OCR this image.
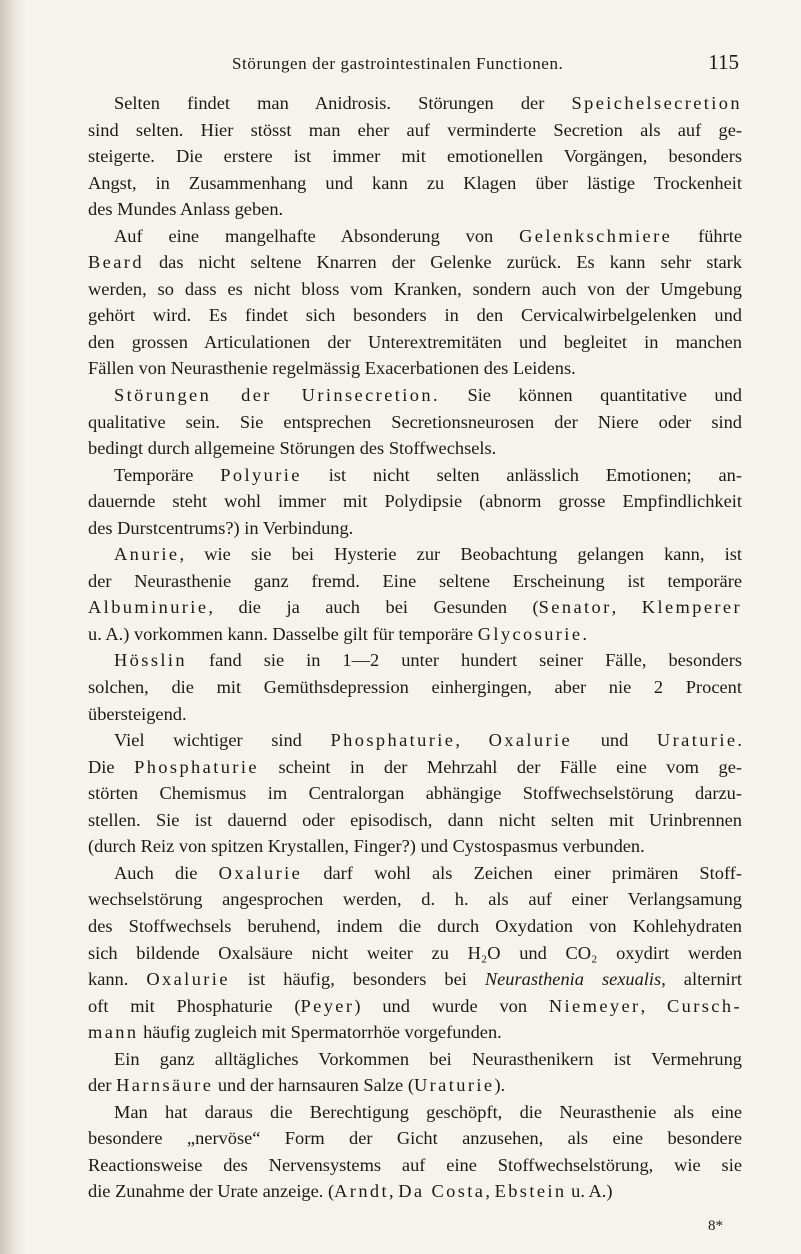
Störungen der gastrointestinalen Functionen.	115
Selten findet man Anidrosis. Störungen der Speichelsecretion
sind selten. Hier stösst man eher auf verminderte Secretion als auf ge-
steigerte. Die erstere ist immer mit emotionellen Vorgängen, besonders
Angst, in Zusammenhang und kann zu Klagen über lästige Trockenheit
des Mundes Anlass geben.
Auf eine mangelhafte Absonderung von Gelenkschmiere führte
Beard das nicht seltene Knarren der Gelenke zurück. Es kann sehr stark
werden, so dass es nicht bloss vom Kranken, sondern auch von der Umgebung
gehört wird. Es findet sich besonders in den Cervicalwirbelgelenken und
den grossen Articulationen der Unterextremitäten und begleitet in manchen
Fällen von Neurasthenie regelmässig Exacerbationen des Leidens.
Störungen der Urinsecretion. Sie können quantitative und
qualitative sein. Sie entsprechen Secretionsneurosen der Niere oder sind
bedingt durch allgemeine Störungen des Stoffwechsels.
Temporäre Polyurie ist nicht selten anlässlich Emotionen; an-
dauernde steht wohl immer mit Polydipsie (abnorm grosse Empfindlichkeit
des Durstcentrums?) in Verbindung.
Anurie, wie sie bei Hysterie zur Beobachtung gelangen kann, ist
der Neurasthenie ganz fremd. Eine seltene Erscheinung ist temporäre
Albuminurie, die ja auch bei Gesunden (Senator, Klemperer
u. A.) vorkommen kann. Dasselbe gilt für temporäre Glycosurie.
Hösslin fand sie in 1—2 unter hundert seiner Fälle, besonders
solchen, die mit Gemüthsdepression einhergingen, aber nie 2 Procent
übersteigend.
Viel wichtiger sind Phosphaturie, Oxalurie und Uraturie.
Die Phosphaturie scheint in der Mehrzahl der Fälle eine vom ge-
störten Chemismus im Centralorgan abhängige Stoffwechselstörung darzu-
stellen. Sie ist dauernd oder episodisch, dann nicht selten mit Urinbrennen
(durch Reiz von spitzen Krystallen, Finger?) und Cystospasmus verbunden.
Auch die Oxalurie darf wohl als Zeichen einer primären Stoff-
wechselstörung angesprochen werden, d. h. als auf einer Verlangsamung
des Stoffwechsels beruhend, indem die durch Oxydation von Kohlehydraten
sich bildende Oxalsäure nicht weiter zu H₂O und CO₂ oxydirt werden
kann. Oxalurie ist häufig, besonders bei Neurasthenia sexualis, alternirt
oft mit Phosphaturie (Peyer) und wurde von Niemeyer, Cursch-
mann häufig zugleich mit Spermatorrhöe vorgefunden.
Ein ganz alltägliches Vorkommen bei Neurasthenikern ist Vermehrung
der Harnsäure und der harnsauren Salze (Uraturie).
Man hat daraus die Berechtigung geschöpft, die Neurasthenie als eine
besondere „nervöse“ Form der Gicht anzusehen, als eine besondere
Reactionsweise des Nervensystems auf eine Stoffwechselstörung, wie sie
die Zunahme der Urate anzeige. (Arndt, Da Costa, Ebstein u. A.)
8*
